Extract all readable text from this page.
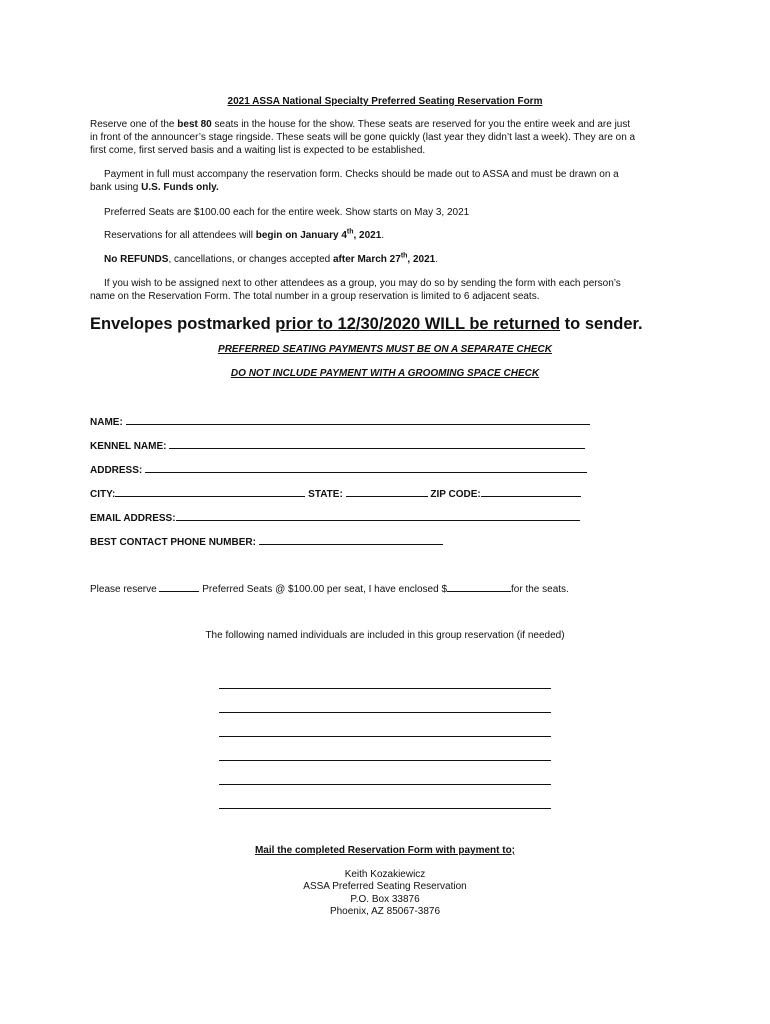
2021 ASSA National Specialty Preferred Seating Reservation Form
Reserve one of the best 80 seats in the house for the show. These seats are reserved for you the entire week and are just
in front of the announcer’s stage ringside. These seats will be gone quickly (last year they didn’t last a week). They are on a
first come, first served basis and a waiting list is expected to be established.
Payment in full must accompany the reservation form. Checks should be made out to ASSA and must be drawn on a
bank using U.S. Funds only.
Preferred Seats are $100.00 each for the entire week. Show starts on May 3, 2021
Reservations for all attendees will begin on January 4th, 2021.
No REFUNDS, cancellations, or changes accepted after March 27th, 2021.
If you wish to be assigned next to other attendees as a group, you may do so by sending the form with each person’s
name on the Reservation Form. The total number in a group reservation is limited to 6 adjacent seats.
Envelopes postmarked prior to 12/30/2020 WILL be returned to sender.
PREFERRED SEATING PAYMENTS MUST BE ON A SEPARATE CHECK
DO NOT INCLUDE PAYMENT WITH A GROOMING SPACE CHECK
NAME:
KENNEL NAME:
ADDRESS:
CITY:	STATE:	ZIP CODE:
EMAIL ADDRESS:
BEST CONTACT PHONE NUMBER:
Please reserve	Preferred Seats @ $100.00 per seat, I have enclosed $	for the seats.
The following named individuals are included in this group reservation (if needed)
Mail the completed Reservation Form with payment to;
Keith Kozakiewicz
ASSA Preferred Seating Reservation
P.O. Box 33876
Phoenix, AZ 85067-3876
